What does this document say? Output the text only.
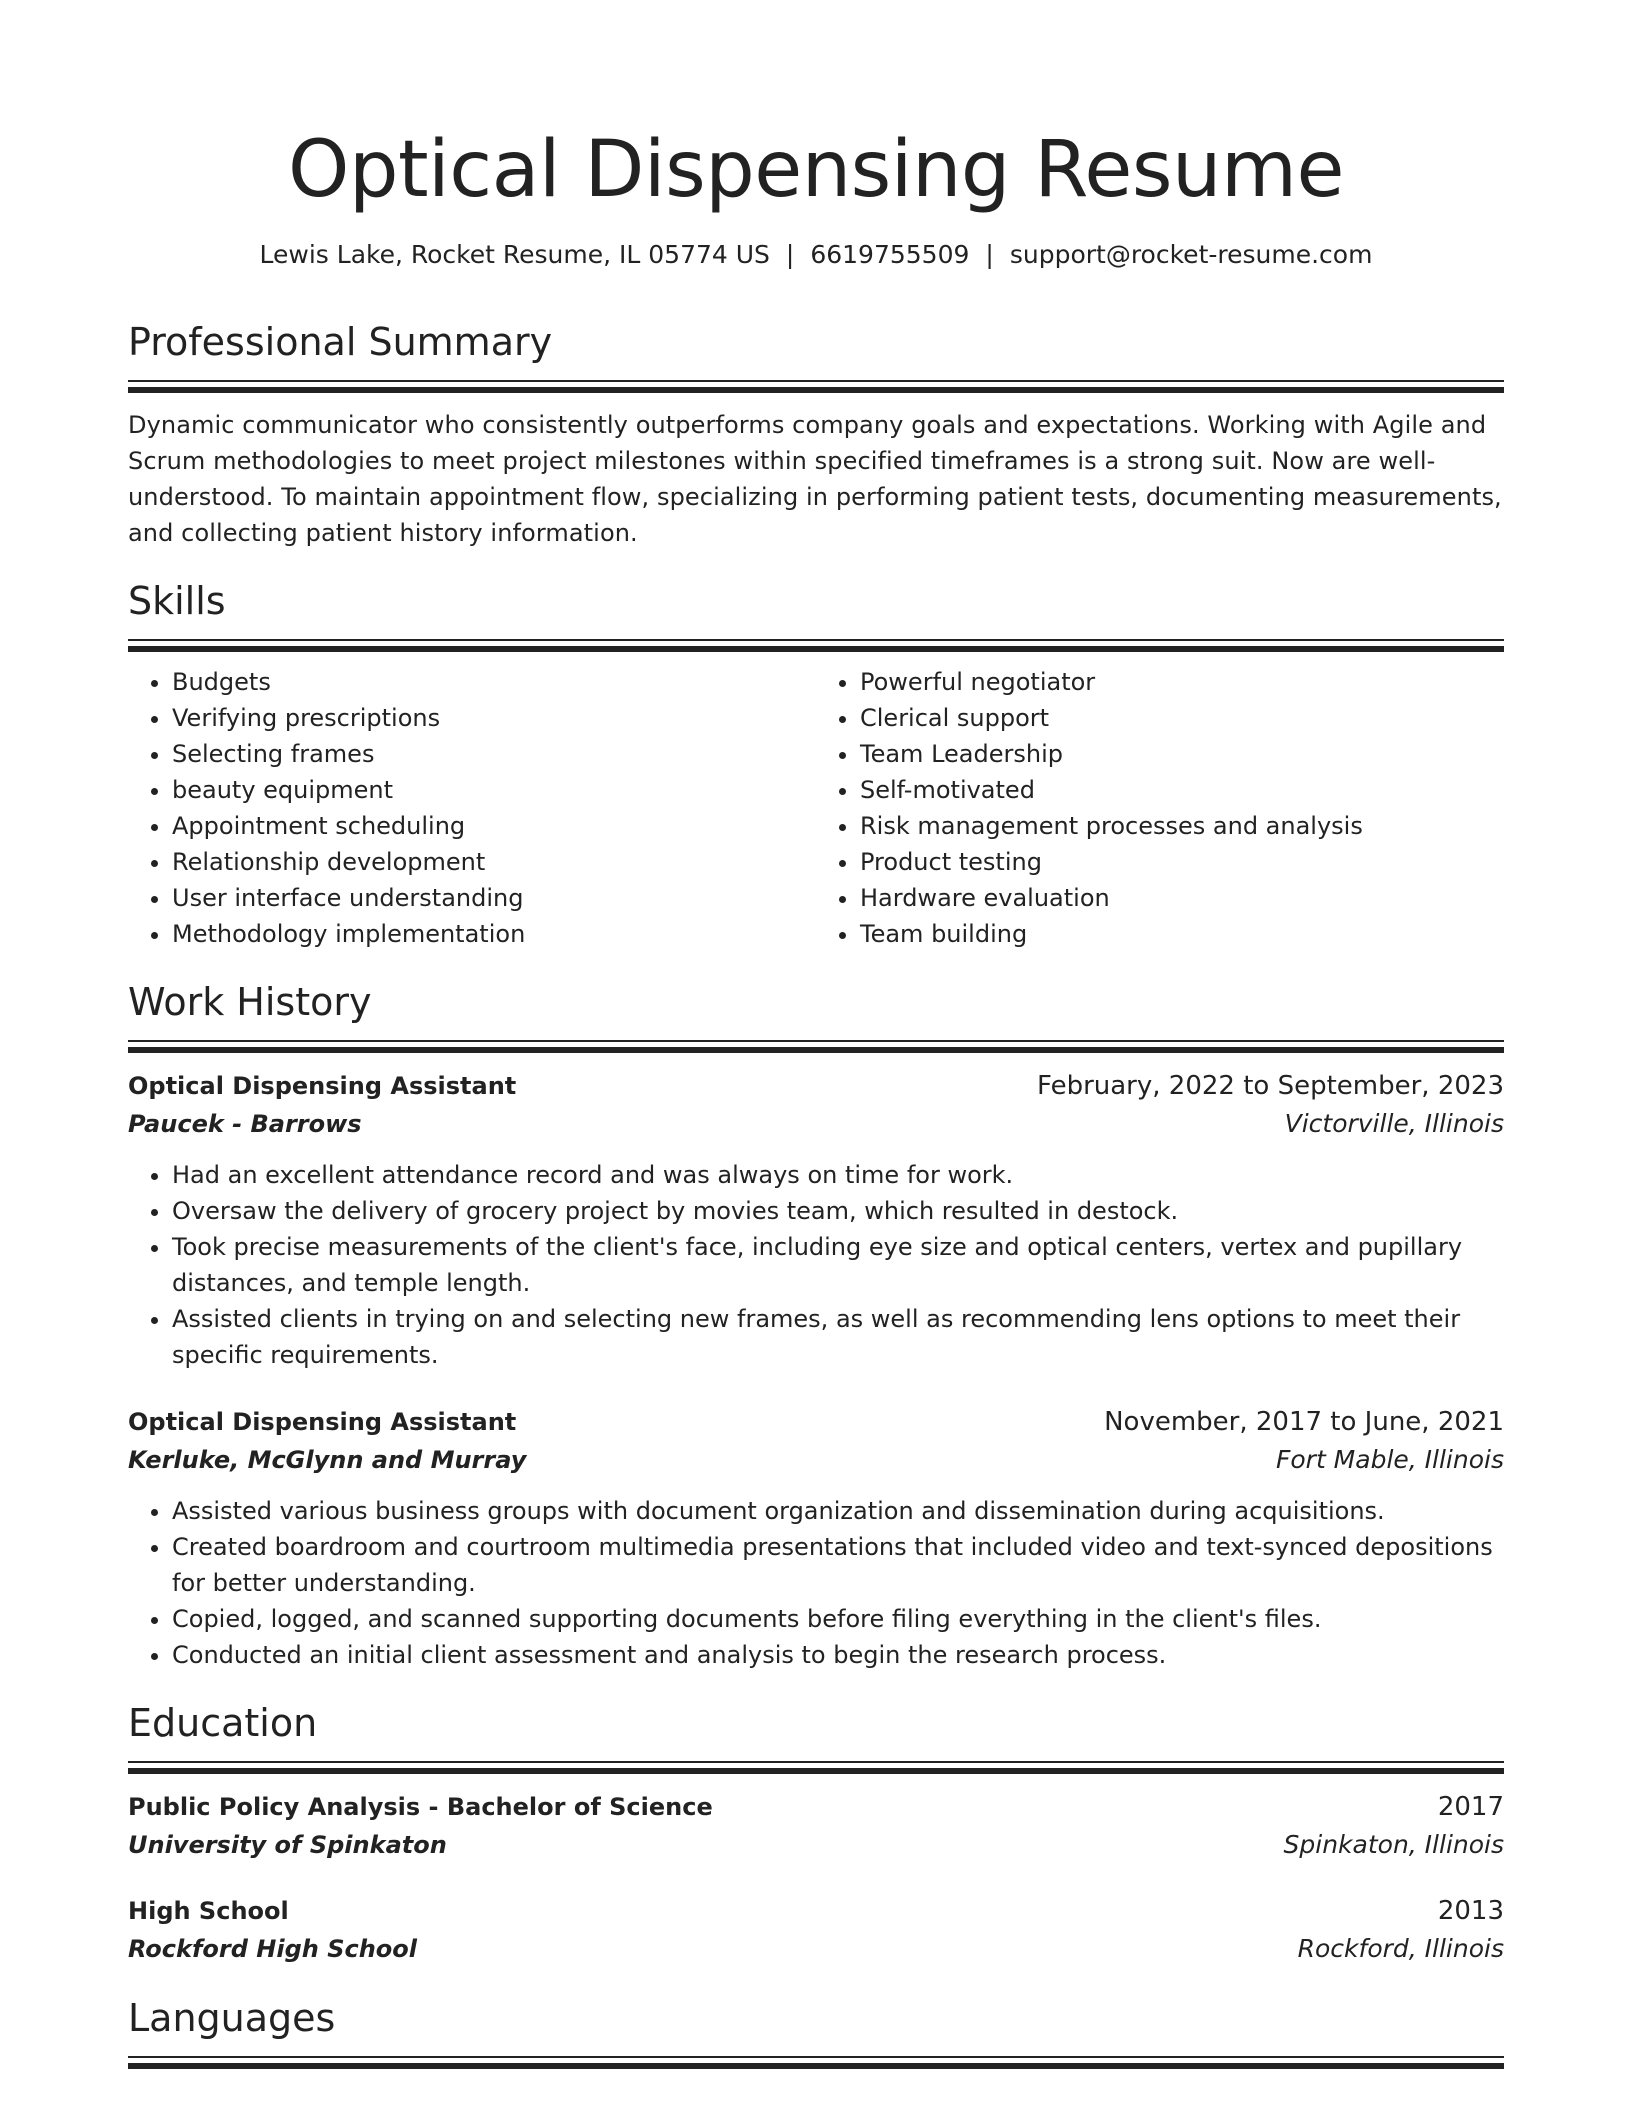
Optical Dispensing Resume
Lewis Lake, Rocket Resume, IL 05774 US | 6619755509 | support@rocket-resume.com
Professional Summary
Dynamic communicator who consistently outperforms company goals and expectations. Working with Agile and Scrum methodologies to meet project milestones within specified timeframes is a strong suit. Now are well-understood. To maintain appointment flow, specializing in performing patient tests, documenting measurements, and collecting patient history information.
Skills
• Budgets
• Verifying prescriptions
• Selecting frames
• beauty equipment
• Appointment scheduling
• Relationship development
• User interface understanding
• Methodology implementation
• Powerful negotiator
• Clerical support
• Team Leadership
• Self-motivated
• Risk management processes and analysis
• Product testing
• Hardware evaluation
• Team building
Work History
Optical Dispensing Assistant	February, 2022 to September, 2023
Paucek - Barrows	Victorville, Illinois
• Had an excellent attendance record and was always on time for work.
• Oversaw the delivery of grocery project by movies team, which resulted in destock.
• Took precise measurements of the client's face, including eye size and optical centers, vertex and pupillary distances, and temple length.
• Assisted clients in trying on and selecting new frames, as well as recommending lens options to meet their specific requirements.
Optical Dispensing Assistant	November, 2017 to June, 2021
Kerluke, McGlynn and Murray	Fort Mable, Illinois
• Assisted various business groups with document organization and dissemination during acquisitions.
• Created boardroom and courtroom multimedia presentations that included video and text-synced depositions for better understanding.
• Copied, logged, and scanned supporting documents before filing everything in the client's files.
• Conducted an initial client assessment and analysis to begin the research process.
Education
Public Policy Analysis - Bachelor of Science	2017
University of Spinkaton	Spinkaton, Illinois
High School	2013
Rockford High School	Rockford, Illinois
Languages
